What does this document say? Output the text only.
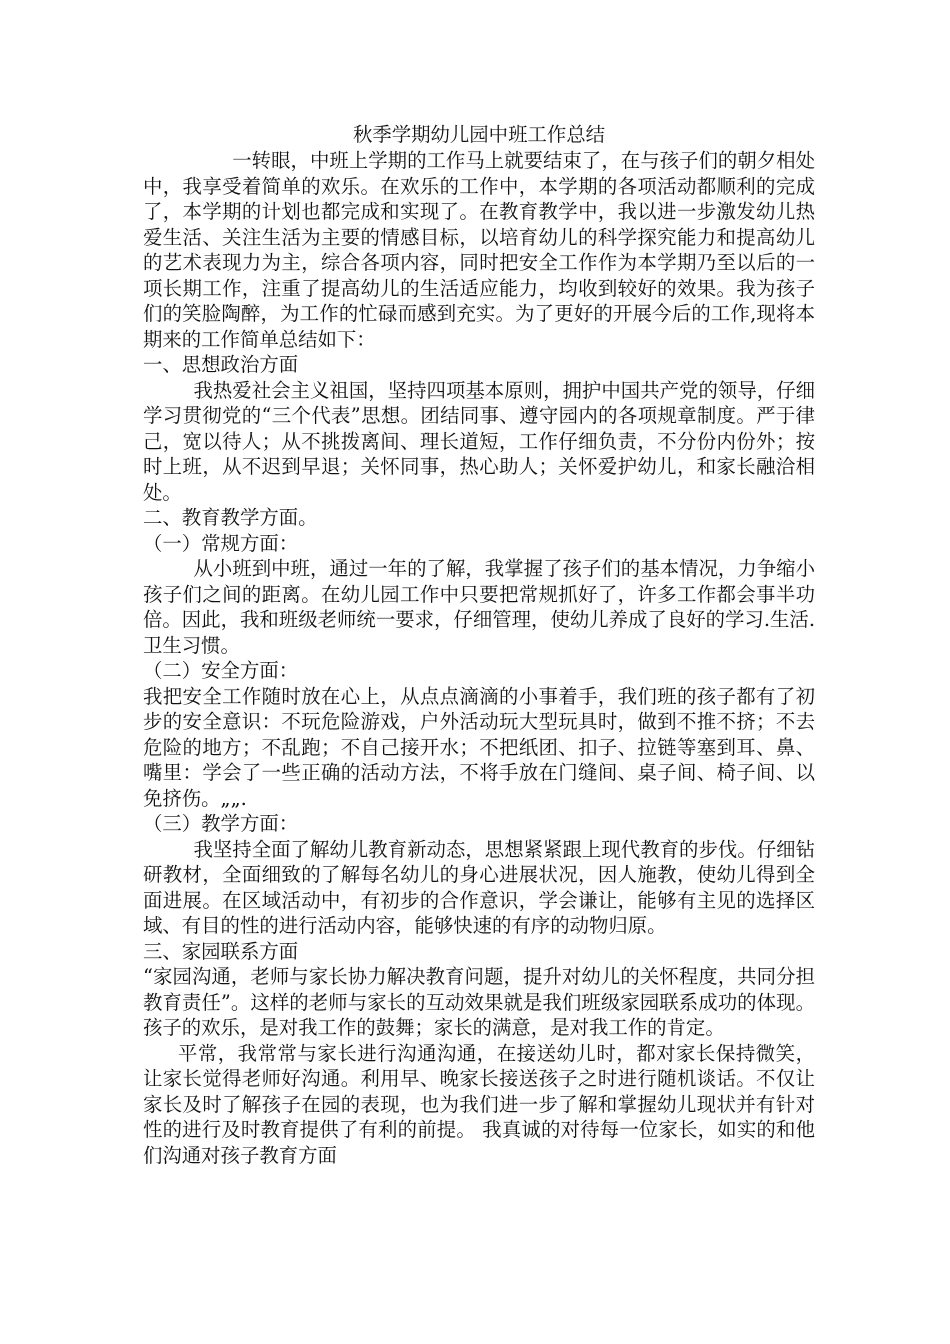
秋季学期幼儿园中班工作总结

一转眼，中班上学期的工作马上就要结束了，在与孩子们的朝夕相处中，我享受着简单的欢乐。在欢乐的工作中，本学期的各项活动都顺利的完成了，本学期的计划也都完成和实现了。在教育教学中，我以进一步激发幼儿热爱生活、关注生活为主要的情感目标，以培育幼儿的科学探究能力和提高幼儿的艺术表现力为主，综合各项内容，同时把安全工作作为本学期乃至以后的一项长期工作，注重了提高幼儿的生活适应能力，均收到较好的效果。我为孩子们的笑脸陶醉，为工作的忙碌而感到充实。为了更好的开展今后的工作,现将本期来的工作简单总结如下：

一、思想政治方面

我热爱社会主义祖国，坚持四项基本原则，拥护中国共产党的领导，仔细学习贯彻党的“三个代表”思想。团结同事、遵守园内的各项规章制度。严于律己，宽以待人；从不挑拨离间、理长道短，工作仔细负责，不分份内份外；按时上班，从不迟到早退；关怀同事，热心助人；关怀爱护幼儿，和家长融洽相处。

二、教育教学方面。

（一）常规方面：

从小班到中班，通过一年的了解，我掌握了孩子们的基本情况，力争缩小孩子们之间的距离。在幼儿园工作中只要把常规抓好了，许多工作都会事半功倍。因此，我和班级老师统一要求，仔细管理，使幼儿养成了良好的学习.生活.卫生习惯。

（二）安全方面：

我把安全工作随时放在心上，从点点滴滴的小事着手，我们班的孩子都有了初步的安全意识：不玩危险游戏，户外活动玩大型玩具时，做到不推不挤；不去危险的地方；不乱跑；不自己接开水；不把纸团、扣子、拉链等塞到耳、鼻、嘴里：学会了一些正确的活动方法，不将手放在门缝间、桌子间、椅子间、以免挤伤。„„.

（三）教学方面：

我坚持全面了解幼儿教育新动态，思想紧紧跟上现代教育的步伐。仔细钻研教材，全面细致的了解每名幼儿的身心进展状况，因人施教，使幼儿得到全面进展。在区域活动中，有初步的合作意识，学会谦让，能够有主见的选择区域、有目的性的进行活动内容，能够快速的有序的动物归原。

三、家园联系方面

“家园沟通，老师与家长协力解决教育问题，提升对幼儿的关怀程度，共同分担教育责任”。这样的老师与家长的互动效果就是我们班级家园联系成功的体现。孩子的欢乐，是对我工作的鼓舞；家长的满意，是对我工作的肯定。

平常，我常常与家长进行沟通沟通，在接送幼儿时，都对家长保持微笑，让家长觉得老师好沟通。利用早、晚家长接送孩子之时进行随机谈话。不仅让家长及时了解孩子在园的表现，也为我们进一步了解和掌握幼儿现状并有针对性的进行及时教育提供了有利的前提。 我真诚的对待每一位家长，如实的和他们沟通对孩子教育方面
